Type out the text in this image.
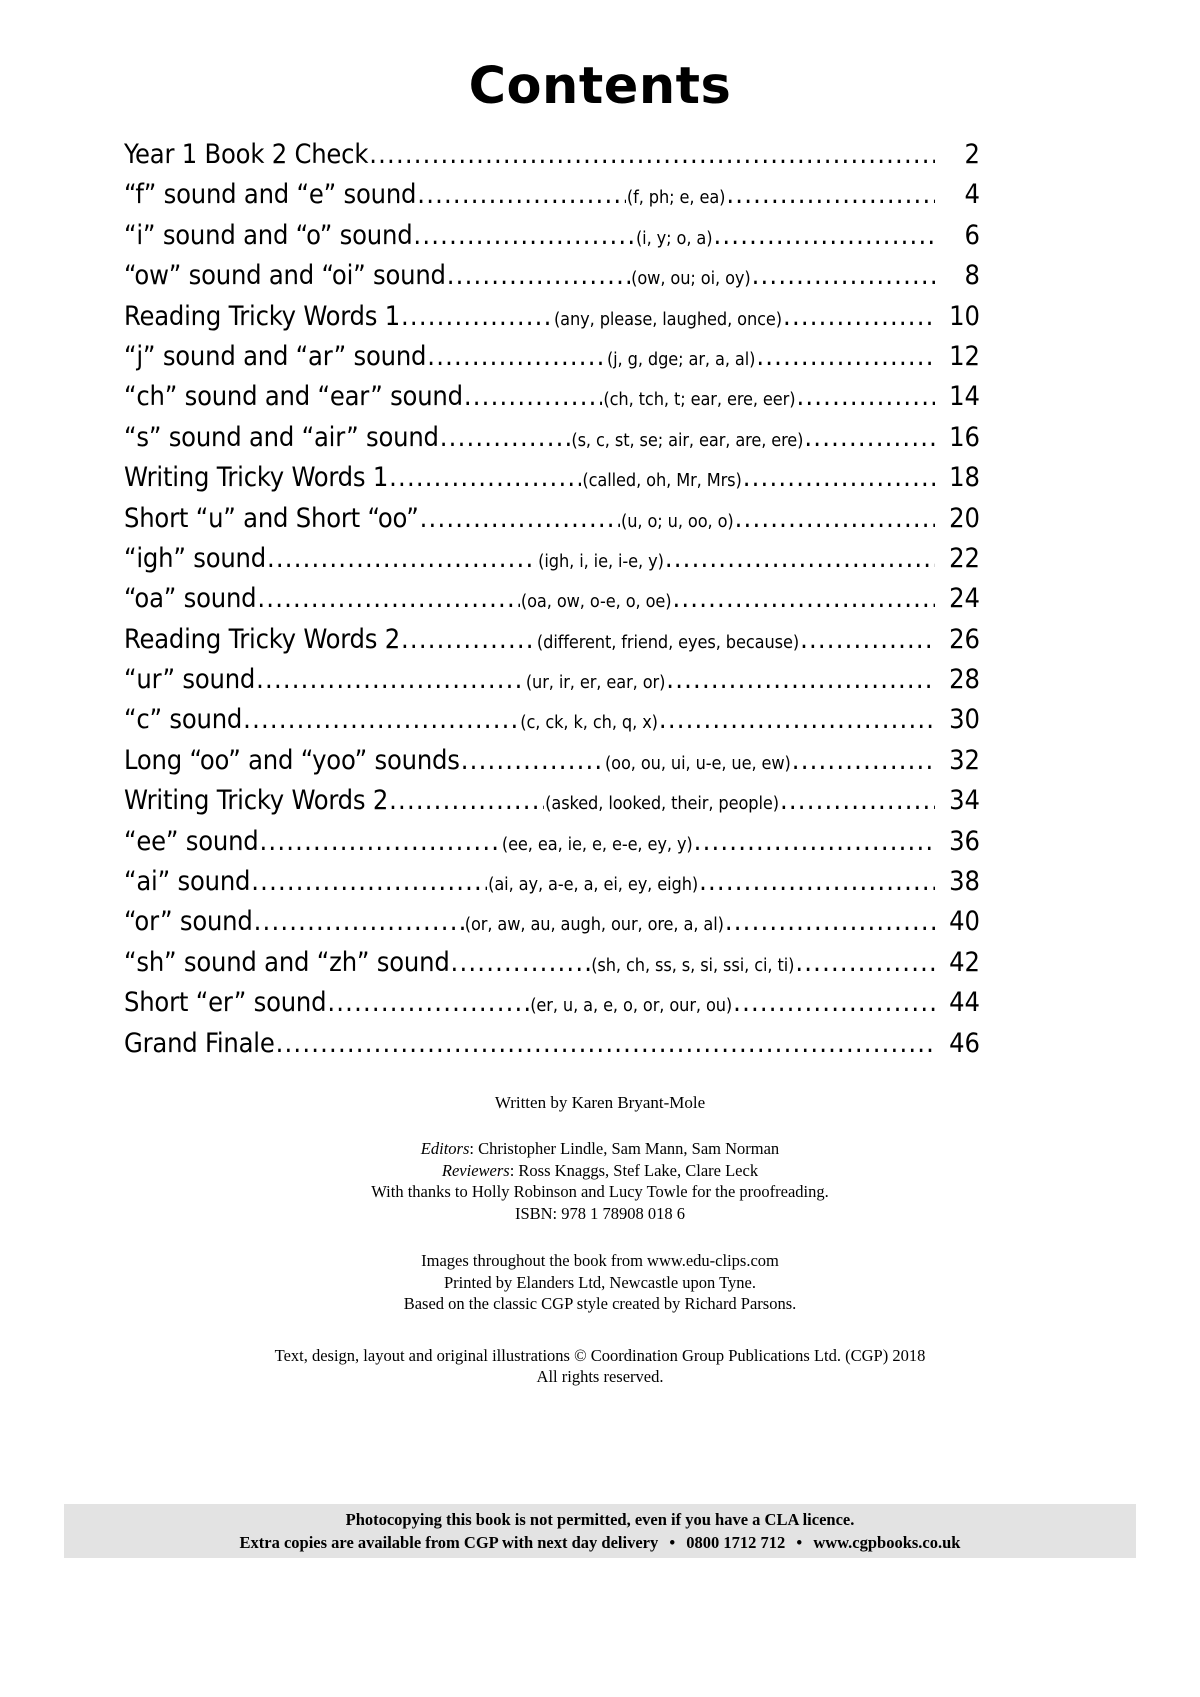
Contents
Year 1 Book 2 Check .....	2
“f” sound and “e” sound .....	(f, ph; e, ea) .....	4
“i” sound and “o” sound .....	(i, y; o, a) .....	6
“ow” sound and “oi” sound .....	(ow, ou; oi, oy) .....	8
Reading Tricky Words 1 .....	(any, please, laughed, once) .....	10
“j” sound and “ar” sound .....	(j, g, dge; ar, a, al) .....	12
“ch” sound and “ear” sound .....	(ch, tch, t; ear, ere, eer) .....	14
“s” sound and “air” sound .....	(s, c, st, se; air, ear, are, ere) .....	16
Writing Tricky Words 1 .....	(called, oh, Mr, Mrs) .....	18
Short “u” and Short “oo” .....	(u, o; u, oo, o) .....	20
“igh” sound .....	(igh, i, ie, i-e, y) .....	22
“oa” sound .....	(oa, ow, o-e, o, oe) .....	24
Reading Tricky Words 2 .....	(different, friend, eyes, because) .....	26
“ur” sound .....	(ur, ir, er, ear, or) .....	28
“c” sound .....	(c, ck, k, ch, q, x) .....	30
Long “oo” and “yoo” sounds .....	(oo, ou, ui, u-e, ue, ew) .....	32
Writing Tricky Words 2 .....	(asked, looked, their, people) .....	34
“ee” sound .....	(ee, ea, ie, e, e-e, ey, y) .....	36
“ai” sound .....	(ai, ay, a-e, a, ei, ey, eigh) .....	38
“or” sound .....	(or, aw, au, augh, our, ore, a, al) .....	40
“sh” sound and “zh” sound .....	(sh, ch, ss, s, si, ssi, ci, ti) .....	42
Short “er” sound .....	(er, u, a, e, o, or, our, ou) .....	44
Grand Finale .....	46
Written by Karen Bryant-Mole
Editors: Christopher Lindle, Sam Mann, Sam Norman
Reviewers: Ross Knaggs, Stef Lake, Clare Leck
With thanks to Holly Robinson and Lucy Towle for the proofreading.
ISBN: 978 1 78908 018 6
Images throughout the book from www.edu-clips.com
Printed by Elanders Ltd, Newcastle upon Tyne.
Based on the classic CGP style created by Richard Parsons.
Text, design, layout and original illustrations © Coordination Group Publications Ltd. (CGP) 2018
All rights reserved.
Photocopying this book is not permitted, even if you have a CLA licence.
Extra copies are available from CGP with next day delivery • 0800 1712 712 • www.cgpbooks.co.uk
